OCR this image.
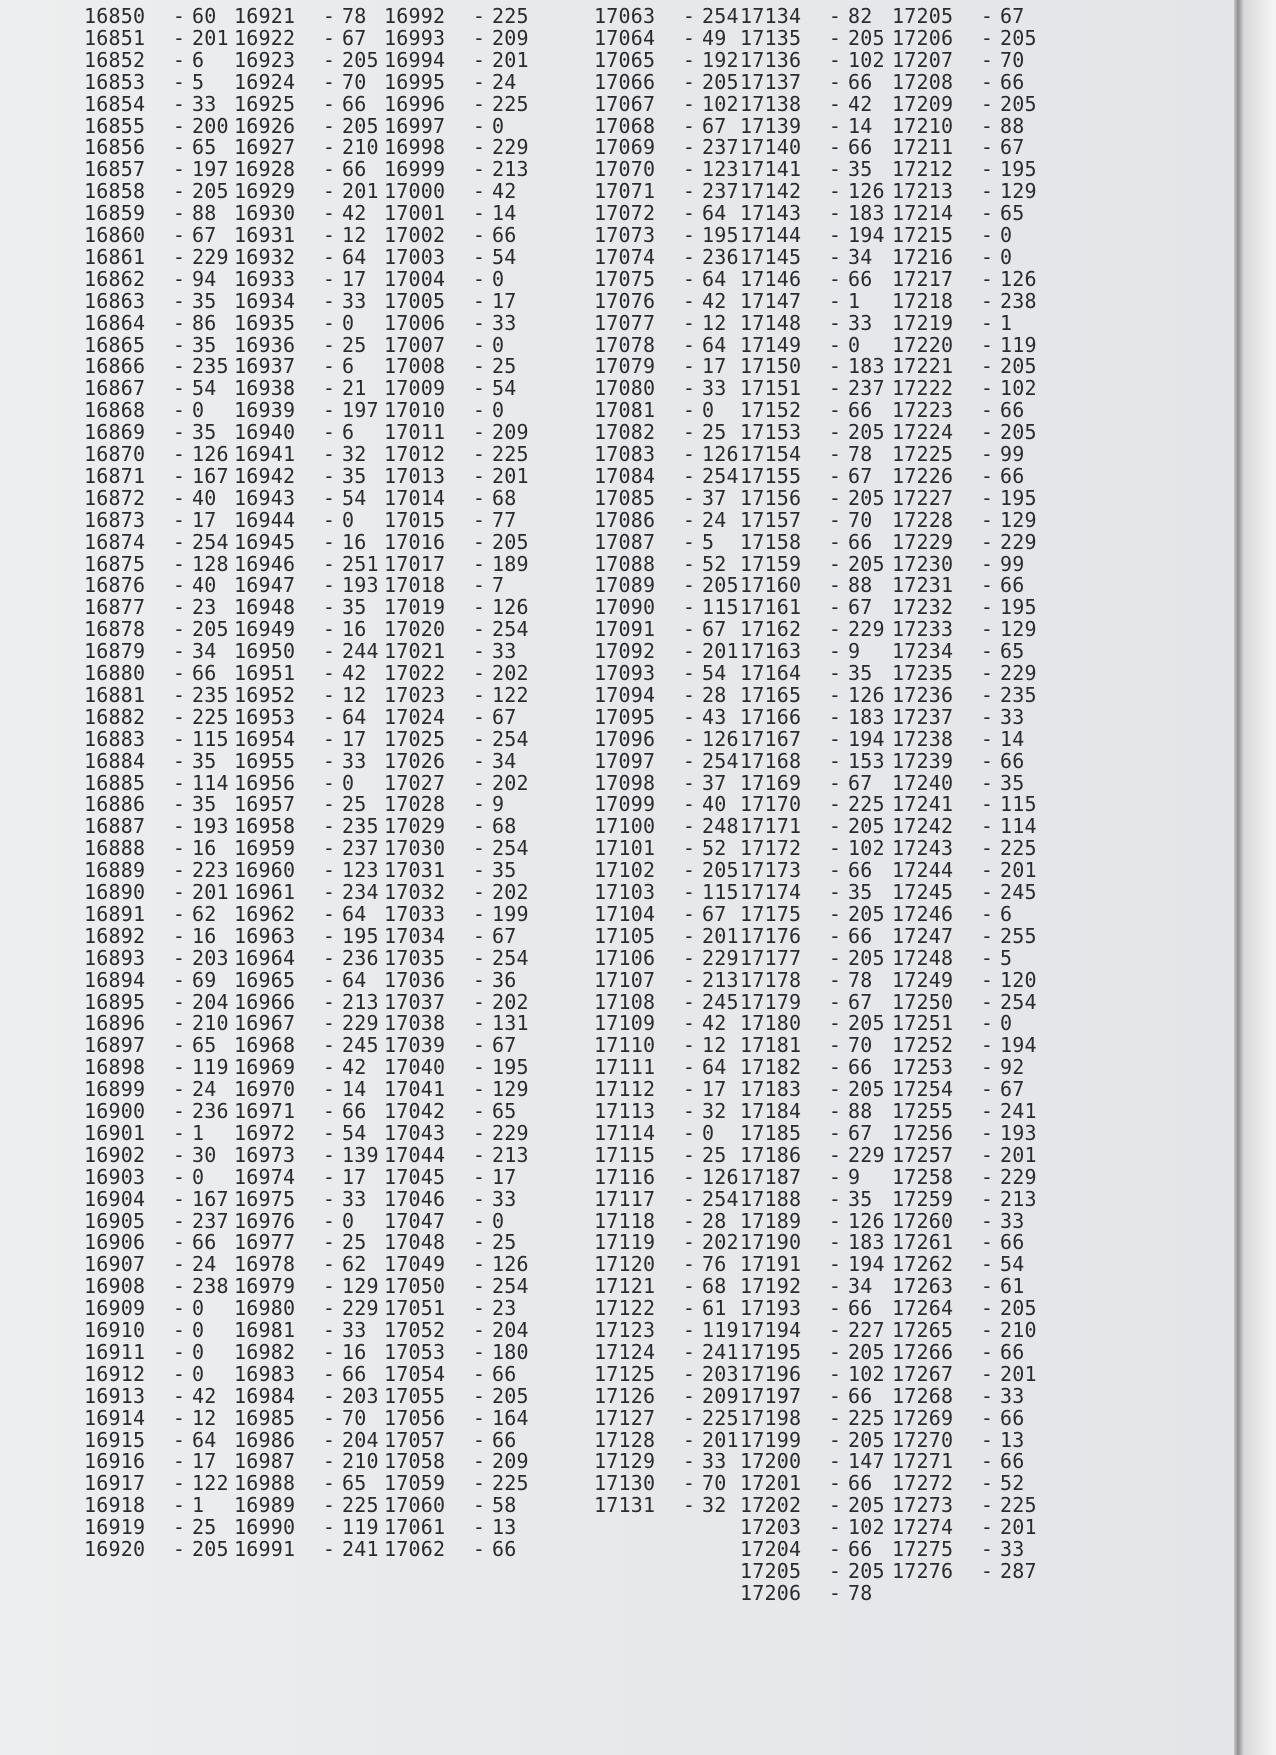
16850 - 60
16851 - 201
16852 - 6
16853 - 5
16854 - 33
16855 - 200
16856 - 65
16857 - 197
16858 - 205
16859 - 88
16860 - 67
16861 - 229
16862 - 94
16863 - 35
16864 - 86
16865 - 35
16866 - 235
16867 - 54
16868 - 0
16869 - 35
16870 - 126
16871 - 167
16872 - 40
16873 - 17
16874 - 254
16875 - 128
16876 - 40
16877 - 23
16878 - 205
16879 - 34
16880 - 66
16881 - 235
16882 - 225
16883 - 115
16884 - 35
16885 - 114
16886 - 35
16887 - 193
16888 - 16
16889 - 223
16890 - 201
16891 - 62
16892 - 16
16893 - 203
16894 - 69
16895 - 204
16896 - 210
16897 - 65
16898 - 119
16899 - 24
16900 - 236
16901 - 1
16902 - 30
16903 - 0
16904 - 167
16905 - 237
16906 - 66
16907 - 24
16908 - 238
16909 - 0
16910 - 0
16911 - 0
16912 - 0
16913 - 42
16914 - 12
16915 - 64
16916 - 17
16917 - 122
16918 - 1
16919 - 25
16920 - 205
16921 - 78
16922 - 67
16923 - 205
16924 - 70
16925 - 66
16926 - 205
16927 - 210
16928 - 66
16929 - 201
16930 - 42
16931 - 12
16932 - 64
16933 - 17
16934 - 33
16935 - 0
16936 - 25
16937 - 6
16938 - 21
16939 - 197
16940 - 6
16941 - 32
16942 - 35
16943 - 54
16944 - 0
16945 - 16
16946 - 251
16947 - 193
16948 - 35
16949 - 16
16950 - 244
16951 - 42
16952 - 12
16953 - 64
16954 - 17
16955 - 33
16956 - 0
16957 - 25
16958 - 235
16959 - 237
16960 - 123
16961 - 234
16962 - 64
16963 - 195
16964 - 236
16965 - 64
16966 - 213
16967 - 229
16968 - 245
16969 - 42
16970 - 14
16971 - 66
16972 - 54
16973 - 139
16974 - 17
16975 - 33
16976 - 0
16977 - 25
16978 - 62
16979 - 129
16980 - 229
16981 - 33
16982 - 16
16983 - 66
16984 - 203
16985 - 70
16986 - 204
16987 - 210
16988 - 65
16989 - 225
16990 - 119
16991 - 241
16992 - 225
16993 - 209
16994 - 201
16995 - 24
16996 - 225
16997 - 0
16998 - 229
16999 - 213
17000 - 42
17001 - 14
17002 - 66
17003 - 54
17004 - 0
17005 - 17
17006 - 33
17007 - 0
17008 - 25
17009 - 54
17010 - 0
17011 - 209
17012 - 225
17013 - 201
17014 - 68
17015 - 77
17016 - 205
17017 - 189
17018 - 7
17019 - 126
17020 - 254
17021 - 33
17022 - 202
17023 - 122
17024 - 67
17025 - 254
17026 - 34
17027 - 202
17028 - 9
17029 - 68
17030 - 254
17031 - 35
17032 - 202
17033 - 199
17034 - 67
17035 - 254
17036 - 36
17037 - 202
17038 - 131
17039 - 67
17040 - 195
17041 - 129
17042 - 65
17043 - 229
17044 - 213
17045 - 17
17046 - 33
17047 - 0
17048 - 25
17049 - 126
17050 - 254
17051 - 23
17052 - 204
17053 - 180
17054 - 66
17055 - 205
17056 - 164
17057 - 66
17058 - 209
17059 - 225
17060 - 58
17061 - 13
17062 - 66
17063 - 254
17064 - 49
17065 - 192
17066 - 205
17067 - 102
17068 - 67
17069 - 237
17070 - 123
17071 - 237
17072 - 64
17073 - 195
17074 - 236
17075 - 64
17076 - 42
17077 - 12
17078 - 64
17079 - 17
17080 - 33
17081 - 0
17082 - 25
17083 - 126
17084 - 254
17085 - 37
17086 - 24
17087 - 5
17088 - 52
17089 - 205
17090 - 115
17091 - 67
17092 - 201
17093 - 54
17094 - 28
17095 - 43
17096 - 126
17097 - 254
17098 - 37
17099 - 40
17100 - 248
17101 - 52
17102 - 205
17103 - 115
17104 - 67
17105 - 201
17106 - 229
17107 - 213
17108 - 245
17109 - 42
17110 - 12
17111 - 64
17112 - 17
17113 - 32
17114 - 0
17115 - 25
17116 - 126
17117 - 254
17118 - 28
17119 - 202
17120 - 76
17121 - 68
17122 - 61
17123 - 119
17124 - 241
17125 - 203
17126 - 209
17127 - 225
17128 - 201
17129 - 33
17130 - 70
17131 - 32
17134 - 82
17135 - 205
17136 - 102
17137 - 66
17138 - 42
17139 - 14
17140 - 66
17141 - 35
17142 - 126
17143 - 183
17144 - 194
17145 - 34
17146 - 66
17147 - 1
17148 - 33
17149 - 0
17150 - 183
17151 - 237
17152 - 66
17153 - 205
17154 - 78
17155 - 67
17156 - 205
17157 - 70
17158 - 66
17159 - 205
17160 - 88
17161 - 67
17162 - 229
17163 - 9
17164 - 35
17165 - 126
17166 - 183
17167 - 194
17168 - 153
17169 - 67
17170 - 225
17171 - 205
17172 - 102
17173 - 66
17174 - 35
17175 - 205
17176 - 66
17177 - 205
17178 - 78
17179 - 67
17180 - 205
17181 - 70
17182 - 66
17183 - 205
17184 - 88
17185 - 67
17186 - 229
17187 - 9
17188 - 35
17189 - 126
17190 - 183
17191 - 194
17192 - 34
17193 - 66
17194 - 227
17195 - 205
17196 - 102
17197 - 66
17198 - 225
17199 - 205
17200 - 147
17201 - 66
17202 - 205
17203 - 102
17204 - 66
17205 - 205
17206 - 78
17205 - 67
17206 - 205
17207 - 70
17208 - 66
17209 - 205
17210 - 88
17211 - 67
17212 - 195
17213 - 129
17214 - 65
17215 - 0
17216 - 0
17217 - 126
17218 - 238
17219 - 1
17220 - 119
17221 - 205
17222 - 102
17223 - 66
17224 - 205
17225 - 99
17226 - 66
17227 - 195
17228 - 129
17229 - 229
17230 - 99
17231 - 66
17232 - 195
17233 - 129
17234 - 65
17235 - 229
17236 - 235
17237 - 33
17238 - 14
17239 - 66
17240 - 35
17241 - 115
17242 - 114
17243 - 225
17244 - 201
17245 - 245
17246 - 6
17247 - 255
17248 - 5
17249 - 120
17250 - 254
17251 - 0
17252 - 194
17253 - 92
17254 - 67
17255 - 241
17256 - 193
17257 - 201
17258 - 229
17259 - 213
17260 - 33
17261 - 66
17262 - 54
17263 - 61
17264 - 205
17265 - 210
17266 - 66
17267 - 201
17268 - 33
17269 - 66
17270 - 13
17271 - 66
17272 - 52
17273 - 225
17274 - 201
17275 - 33
17276 - 287
